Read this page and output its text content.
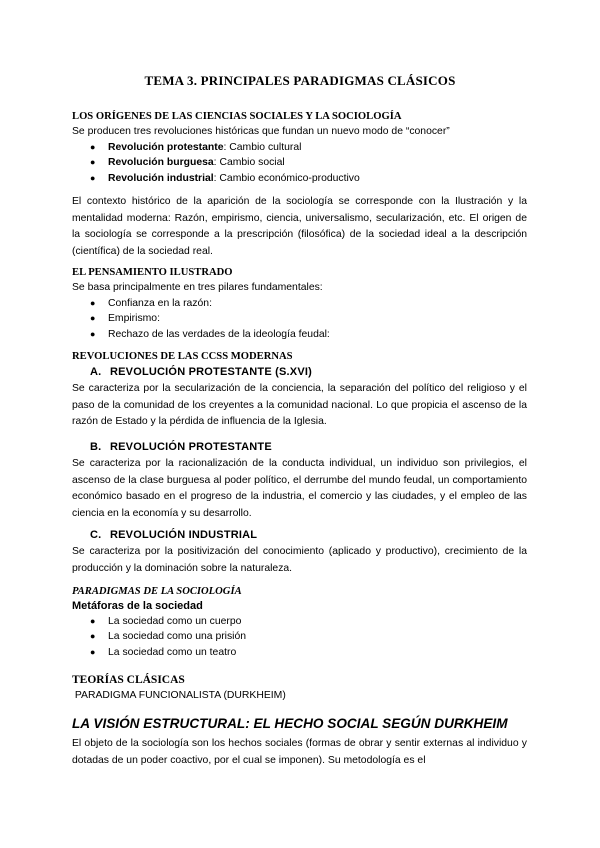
TEMA 3. PRINCIPALES PARADIGMAS CLÁSICOS
LOS ORÍGENES DE LAS CIENCIAS SOCIALES Y LA SOCIOLOGÍA
Se producen tres revoluciones históricas que fundan un nuevo modo de “conocer”
● Revolución protestante: Cambio cultural
● Revolución burguesa: Cambio social
● Revolución industrial: Cambio económico-productivo
El contexto histórico de la aparición de la sociología se corresponde con la Ilustración y la mentalidad moderna: Razón, empirismo, ciencia, universalismo, secularización, etc. El origen de la sociología se corresponde a la prescripción (filosófica) de la sociedad ideal a la descripción (científica) de la sociedad real.
EL PENSAMIENTO ILUSTRADO
Se basa principalmente en tres pilares fundamentales:
● Confianza en la razón:
● Empirismo:
● Rechazo de las verdades de la ideología feudal:
REVOLUCIONES DE LAS CCSS MODERNAS
A. REVOLUCIÓN PROTESTANTE (S.XVI)
Se caracteriza por la secularización de la conciencia, la separación del político del religioso y el paso de la comunidad de los creyentes a la comunidad nacional. Lo que propicia el ascenso de la razón de Estado y la pérdida de influencia de la Iglesia.
B. REVOLUCIÓN PROTESTANTE
Se caracteriza por la racionalización de la conducta individual, un individuo son privilegios, el ascenso de la clase burguesa al poder político, el derrumbe del mundo feudal, un comportamiento económico basado en el progreso de la industria, el comercio y las ciudades, y el empleo de las ciencia en la economía y su desarrollo.
C. REVOLUCIÓN INDUSTRIAL
Se caracteriza por la positivización del conocimiento (aplicado y productivo), crecimiento de la producción y la dominación sobre la naturaleza.
PARADIGMAS DE LA SOCIOLOGÍA
Metáforas de la sociedad
● La sociedad como un cuerpo
● La sociedad como una prisión
● La sociedad como un teatro
TEORÍAS CLÁSICAS
PARADIGMA FUNCIONALISTA (DURKHEIM)
LA VISIÓN ESTRUCTURAL: EL HECHO SOCIAL SEGÚN DURKHEIM
El objeto de la sociología son los hechos sociales (formas de obrar y sentir externas al individuo y dotadas de un poder coactivo, por el cual se imponen). Su metodología es el
